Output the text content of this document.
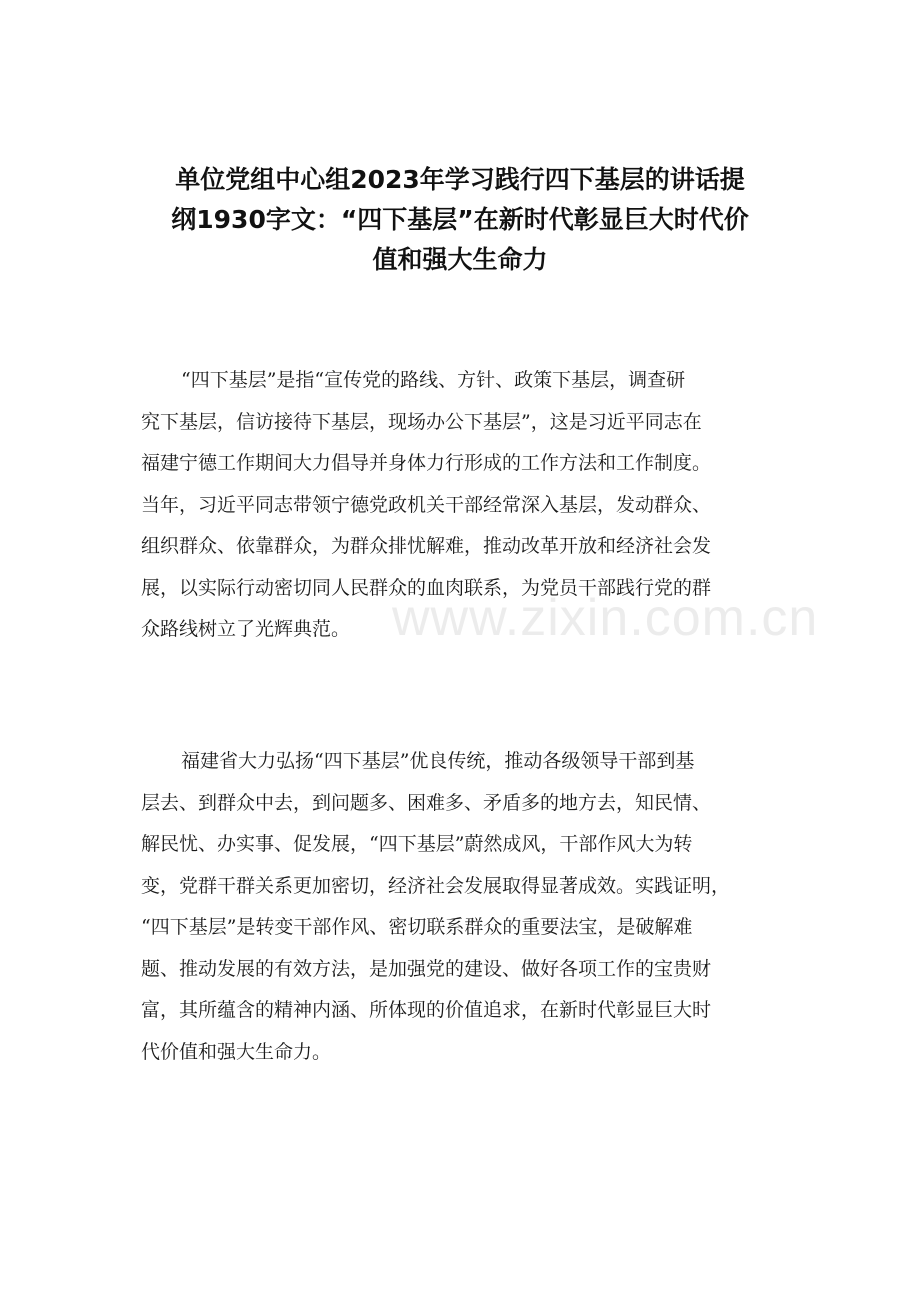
单位党组中心组2023年学习践行四下基层的讲话提
纲1930字文：“四下基层”在新时代彰显巨大时代价
值和强大生命力
“四下基层”是指“宣传党的路线、方针、政策下基层，调查研
究下基层，信访接待下基层，现场办公下基层”，这是习近平同志在
福建宁德工作期间大力倡导并身体力行形成的工作方法和工作制度。
当年，习近平同志带领宁德党政机关干部经常深入基层，发动群众、
组织群众、依靠群众，为群众排忧解难，推动改革开放和经济社会发
展，以实际行动密切同人民群众的血肉联系，为党员干部践行党的群
众路线树立了光辉典范。
福建省大力弘扬“四下基层”优良传统，推动各级领导干部到基
层去、到群众中去，到问题多、困难多、矛盾多的地方去，知民情、
解民忧、办实事、促发展，“四下基层”蔚然成风，干部作风大为转
变，党群干群关系更加密切，经济社会发展取得显著成效。实践证明，
“四下基层”是转变干部作风、密切联系群众的重要法宝，是破解难
题、推动发展的有效方法，是加强党的建设、做好各项工作的宝贵财
富，其所蕴含的精神内涵、所体现的价值追求，在新时代彰显巨大时
代价值和强大生命力。
www.zixin.com.cn
